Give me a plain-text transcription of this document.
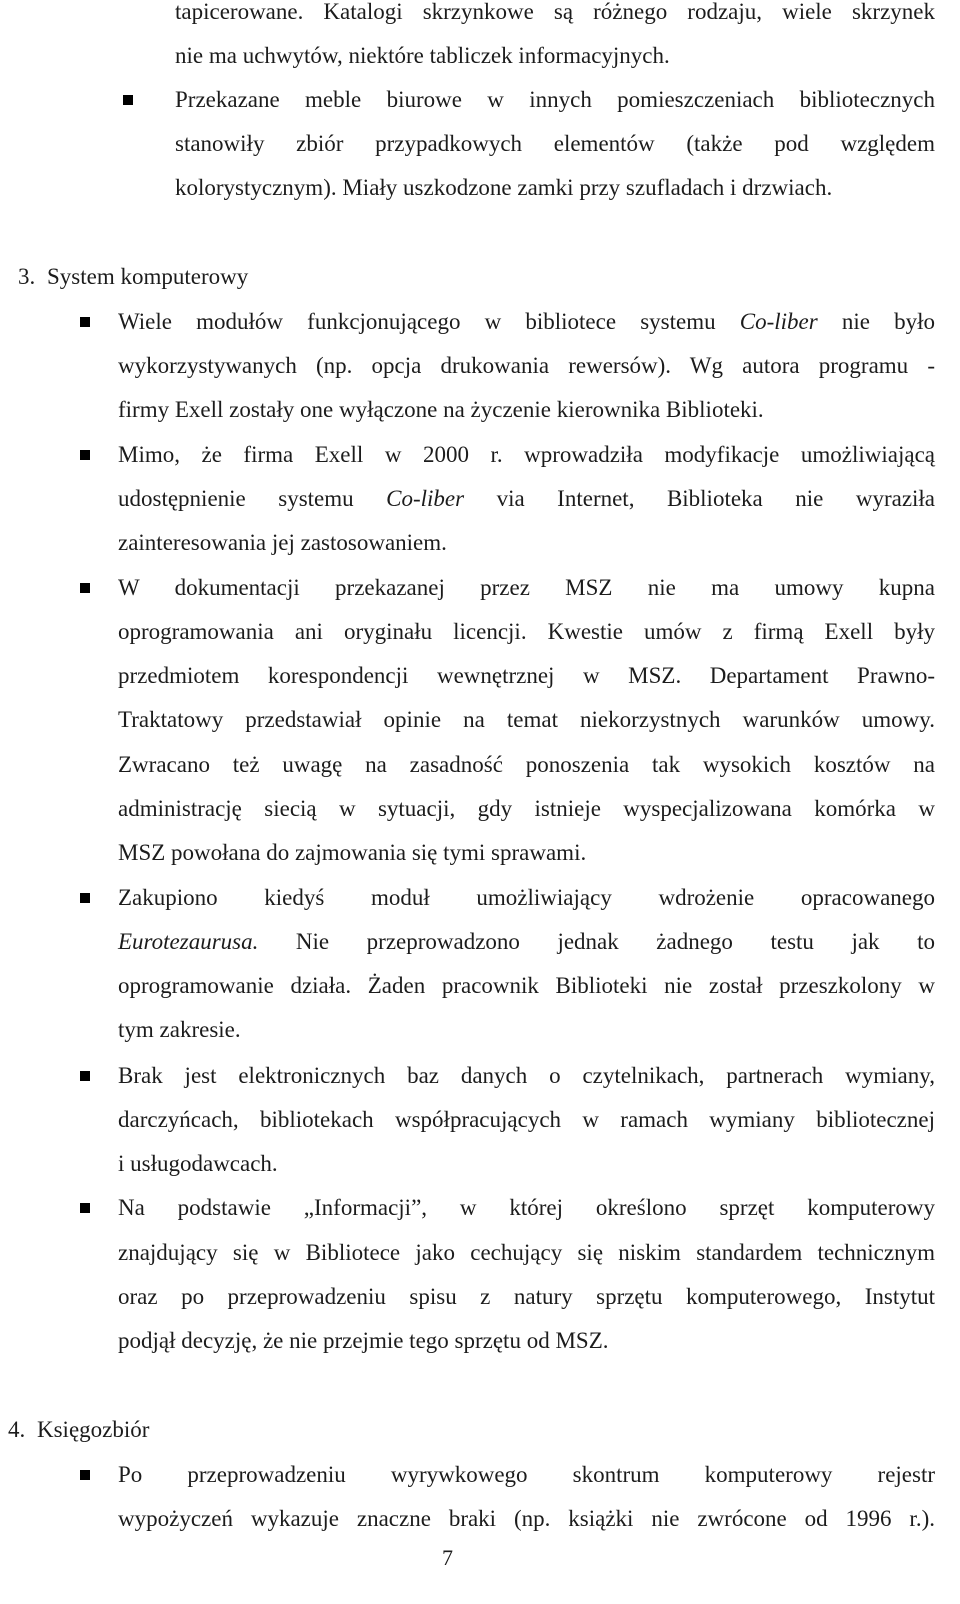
tapicerowane. Katalogi skrzynkowe są różnego rodzaju, wiele skrzynek
nie ma uchwytów, niektóre tabliczek informacyjnych.
Przekazane meble biurowe w innych pomieszczeniach bibliotecznych
stanowiły zbiór przypadkowych elementów (także pod względem
kolorystycznym). Miały uszkodzone zamki przy szufladach i drzwiach.
3. System komputerowy
Wiele modułów funkcjonującego w bibliotece systemu Co-liber nie było
wykorzystywanych (np. opcja drukowania rewersów). Wg autora programu -
firmy Exell zostały one wyłączone na życzenie kierownika Biblioteki.
Mimo, że firma Exell w 2000 r. wprowadziła modyfikacje umożliwiającą
udostępnienie systemu Co-liber via Internet, Biblioteka nie wyraziła
zainteresowania jej zastosowaniem.
W dokumentacji przekazanej przez MSZ nie ma umowy kupna
oprogramowania ani oryginału licencji. Kwestie umów z firmą Exell były
przedmiotem korespondencji wewnętrznej w MSZ. Departament Prawno-
Traktatowy przedstawiał opinie na temat niekorzystnych warunków umowy.
Zwracano też uwagę na zasadność ponoszenia tak wysokich kosztów na
administrację siecią w sytuacji, gdy istnieje wyspecjalizowana komórka w
MSZ powołana do zajmowania się tymi sprawami.
Zakupiono kiedyś moduł umożliwiający wdrożenie opracowanego
Eurotezaurusa. Nie przeprowadzono jednak żadnego testu jak to
oprogramowanie działa. Żaden pracownik Biblioteki nie został przeszkolony w
tym zakresie.
Brak jest elektronicznych baz danych o czytelnikach, partnerach wymiany,
darczyńcach, bibliotekach współpracujących w ramach wymiany bibliotecznej
i usługodawcach.
Na podstawie „Informacji”, w której określono sprzęt komputerowy
znajdujący się w Bibliotece jako cechujący się niskim standardem technicznym
oraz po przeprowadzeniu spisu z natury sprzętu komputerowego, Instytut
podjął decyzję, że nie przejmie tego sprzętu od MSZ.
4. Księgozbiór
Po przeprowadzeniu wyrywkowego skontrum komputerowy rejestr
wypożyczeń wykazuje znaczne braki (np. książki nie zwrócone od 1996 r.).
7
